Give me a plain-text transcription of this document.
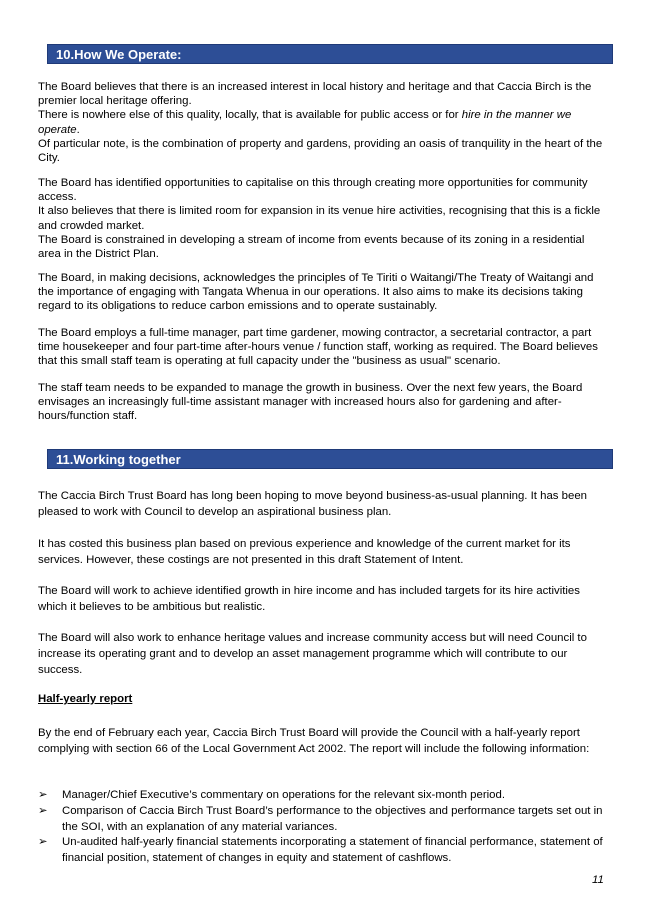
10.How We Operate:

The Board believes that there is an increased interest in local history and heritage and that Caccia Birch is the premier local heritage offering.
There is nowhere else of this quality, locally, that is available for public access or for hire in the manner we operate.
Of particular note, is the combination of property and gardens, providing an oasis of tranquility in the heart of the City.

The Board has identified opportunities to capitalise on this through creating more opportunities for community access.
It also believes that there is limited room for expansion in its venue hire activities, recognising that this is a fickle and crowded market.
The Board is constrained in developing a stream of income from events because of its zoning in a residential area in the District Plan.

The Board, in making decisions, acknowledges the principles of Te Tiriti o Waitangi/The Treaty of Waitangi and the importance of engaging with Tangata Whenua in our operations. It also aims to make its decisions taking regard to its obligations to reduce carbon emissions and to operate sustainably.

The Board employs a full-time manager, part time gardener, mowing contractor, a secretarial contractor, a part time housekeeper and four part-time after-hours venue / function staff, working as required. The Board believes that this small staff team is operating at full capacity under the "business as usual" scenario.

The staff team needs to be expanded to manage the growth in business. Over the next few years, the Board envisages an increasingly full-time assistant manager with increased hours also for gardening and after-hours/function staff.

11.Working together

The Caccia Birch Trust Board has long been hoping to move beyond business-as-usual planning. It has been pleased to work with Council to develop an aspirational business plan.

It has costed this business plan based on previous experience and knowledge of the current market for its services. However, these costings are not presented in this draft Statement of Intent.

The Board will work to achieve identified growth in hire income and has included targets for its hire activities which it believes to be ambitious but realistic.

The Board will also work to enhance heritage values and increase community access but will need Council to increase its operating grant and to develop an asset management programme which will contribute to our success.

Half-yearly report

By the end of February each year, Caccia Birch Trust Board will provide the Council with a half-yearly report complying with section 66 of the Local Government Act 2002. The report will include the following information:

➢	Manager/Chief Executive’s commentary on operations for the relevant six-month period.
➢	Comparison of Caccia Birch Trust Board’s performance to the objectives and performance targets set out in the SOI, with an explanation of any material variances.
➢	Un-audited half-yearly financial statements incorporating a statement of financial performance, statement of financial position, statement of changes in equity and statement of cashflows.
11
